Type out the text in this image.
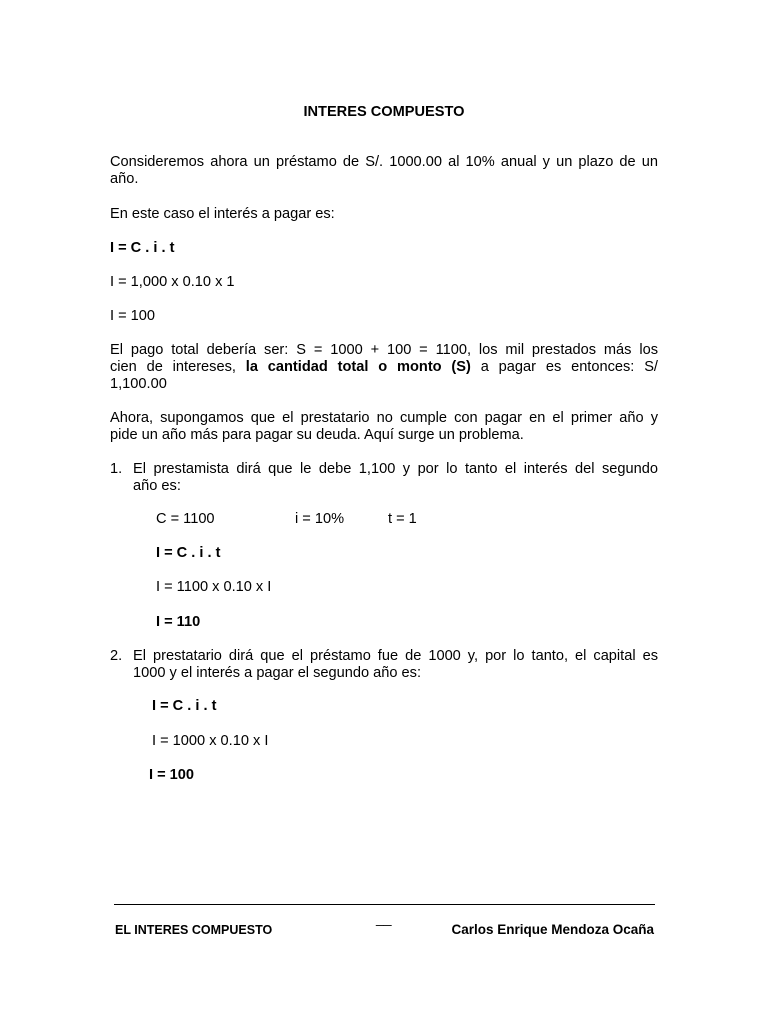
INTERES COMPUESTO
Consideremos ahora un préstamo de S/. 1000.00 al 10% anual y un plazo de un
año.
En este caso el interés a pagar es:
I = C . i . t
I = 1,000 x 0.10 x 1
I = 100
El pago total debería ser: S = 1000 + 100 = 1100, los mil prestados más los
cien de intereses, la cantidad total o monto (S) a pagar es entonces: S/
1,100.00
Ahora, supongamos que el prestatario no cumple con pagar en el primer año y
pide un año más para pagar su deuda. Aquí surge un problema.
1. El prestamista dirá que le debe 1,100 y por lo tanto el interés del segundo
año es:
C = 1100	i = 10%	t = 1
I = C . i . t
I = 1100 x 0.10 x I
I = 110
2. El prestatario dirá que el préstamo fue de 1000 y, por lo tanto, el capital es
1000 y el interés a pagar el segundo año es:
I = C . i . t
I = 1000 x 0.10 x I
I = 100
__
EL INTERES COMPUESTO	Carlos Enrique Mendoza Ocaña
